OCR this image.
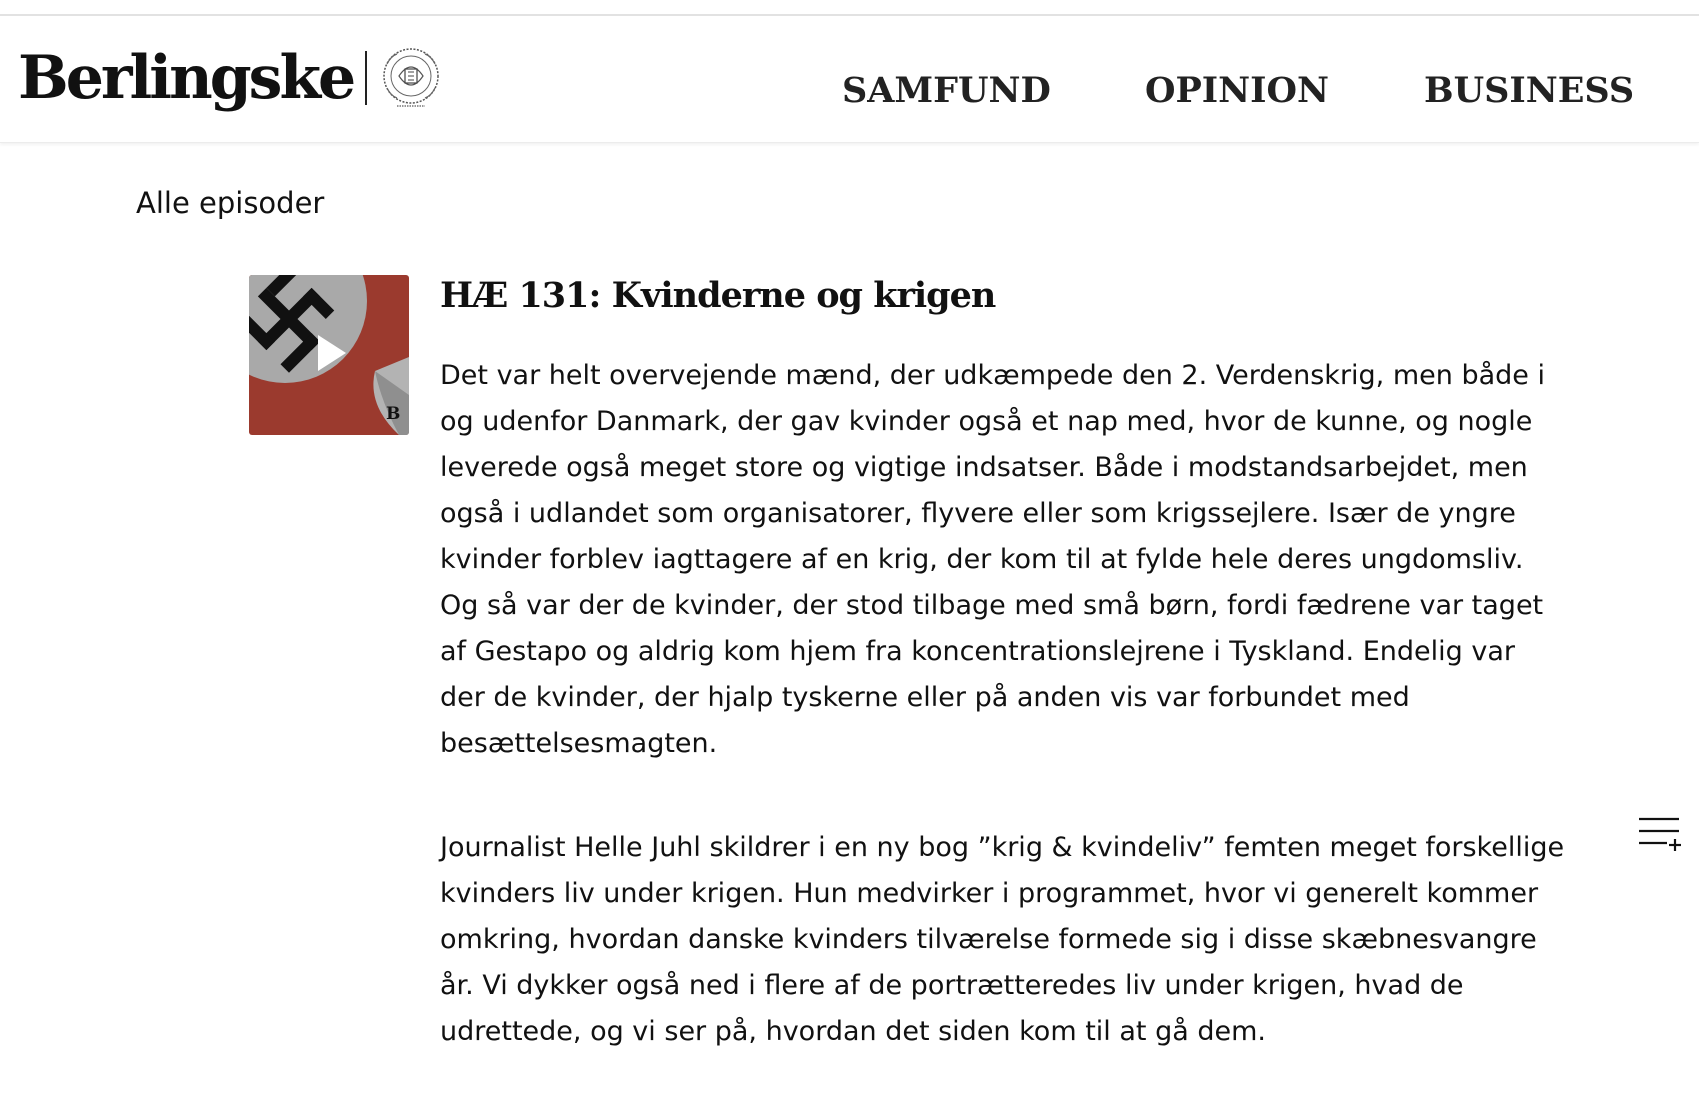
Berlingske	SAMFUND	OPINION	BUSINESS
Alle episoder
B
HÆ 131: Kvinderne og krigen

Det var helt overvejende mænd, der udkæmpede den 2. Verdenskrig, men både i og udenfor Danmark, der gav kvinder også et nap med, hvor de kunne, og nogle leverede også meget store og vigtige indsatser. Både i modstandsarbejdet, men også i udlandet som organisatorer, flyvere eller som krigssejlere. Især de yngre kvinder forblev iagttagere af en krig, der kom til at fylde hele deres ungdomsliv. Og så var der de kvinder, der stod tilbage med små børn, fordi fædrene var taget af Gestapo og aldrig kom hjem fra koncentrationslejrene i Tyskland. Endelig var der de kvinder, der hjalp tyskerne eller på anden vis var forbundet med besættelsesmagten.

Journalist Helle Juhl skildrer i en ny bog ”krig & kvindeliv” femten meget forskellige kvinders liv under krigen. Hun medvirker i programmet, hvor vi generelt kommer omkring, hvordan danske kvinders tilværelse formede sig i disse skæbnesvangre år. Vi dykker også ned i flere af de portrætteredes liv under krigen, hvad de udrettede, og vi ser på, hvordan det siden kom til at gå dem.
